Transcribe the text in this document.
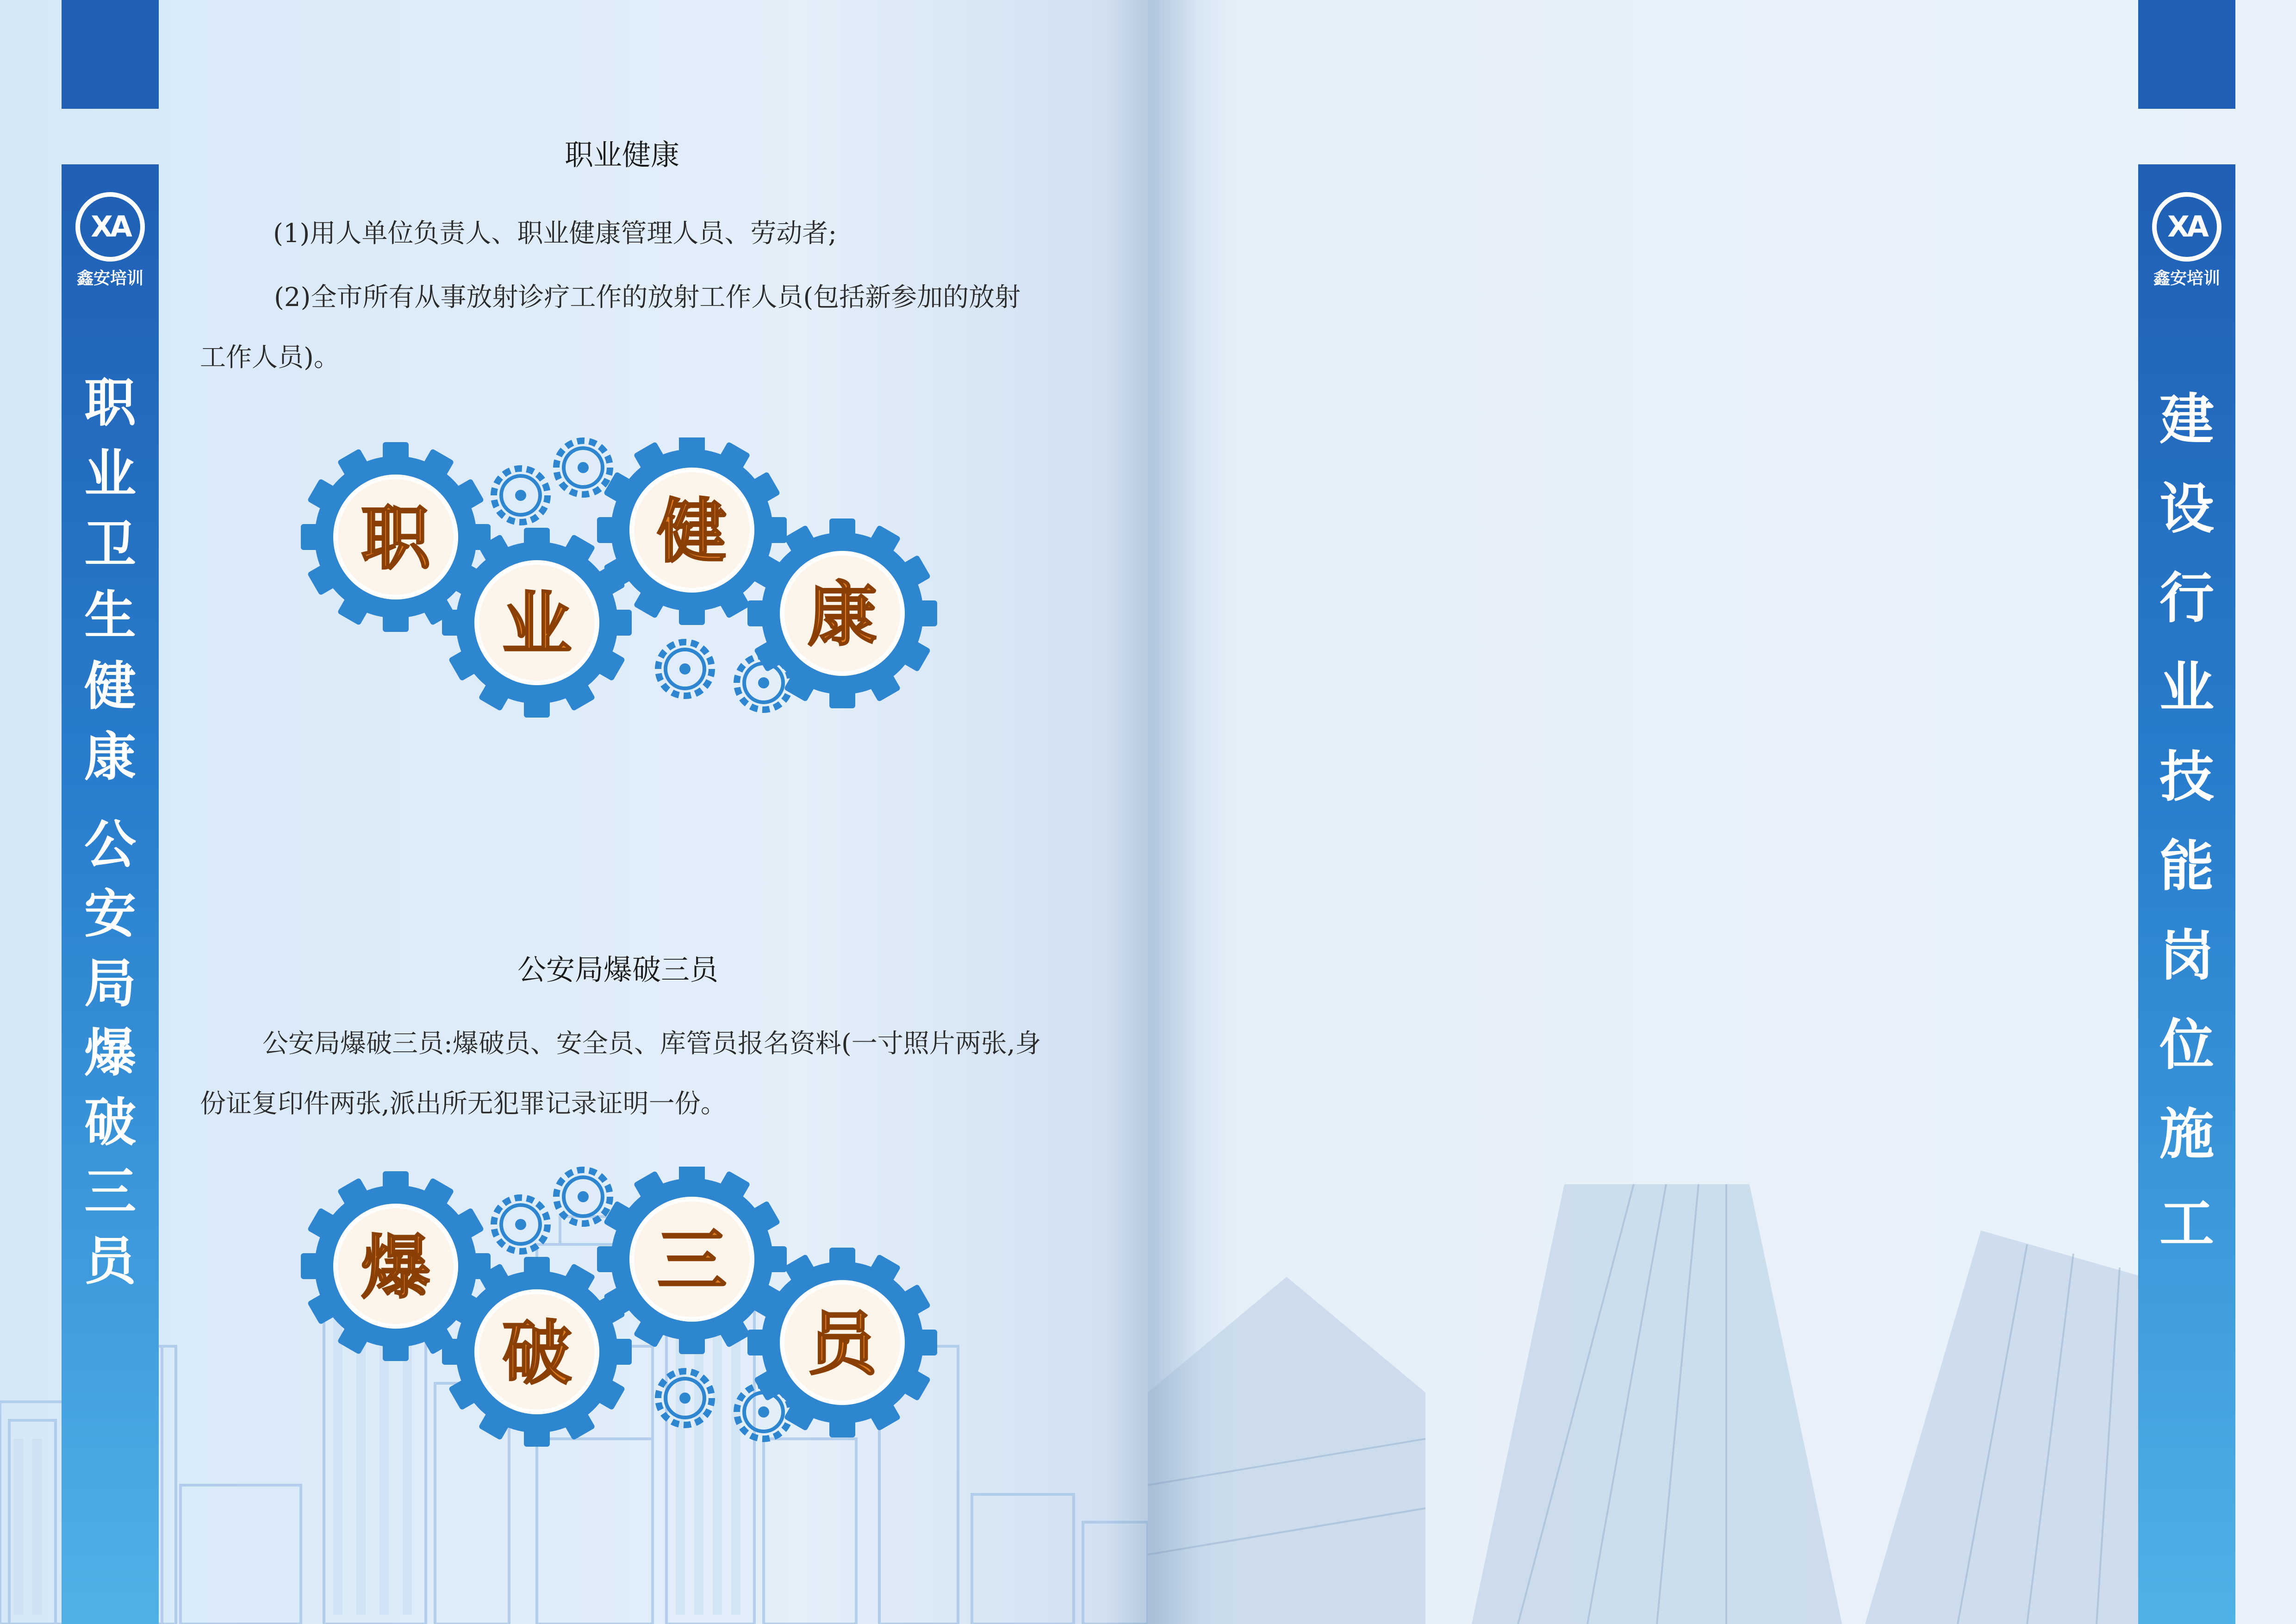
XA
鑫安培训
职
业
卫
生
健
康
公
安
局
爆
破
三
员
职业健康
(1)用人单位负责人、职业健康管理人员、劳动者;
(2)全市所有从事放射诊疗工作的放射工作人员(包括新参加的放射工作人员)。
职
业
健
康
公安局爆破三员
公安局爆破三员:爆破员、安全员、库管员报名资料(一寸照片两张,身份证复印件两张,派出所无犯罪记录证明一份。
爆
破
三
员

XA
鑫安培训
建
设
行
业
技
能
岗
位
施
工
